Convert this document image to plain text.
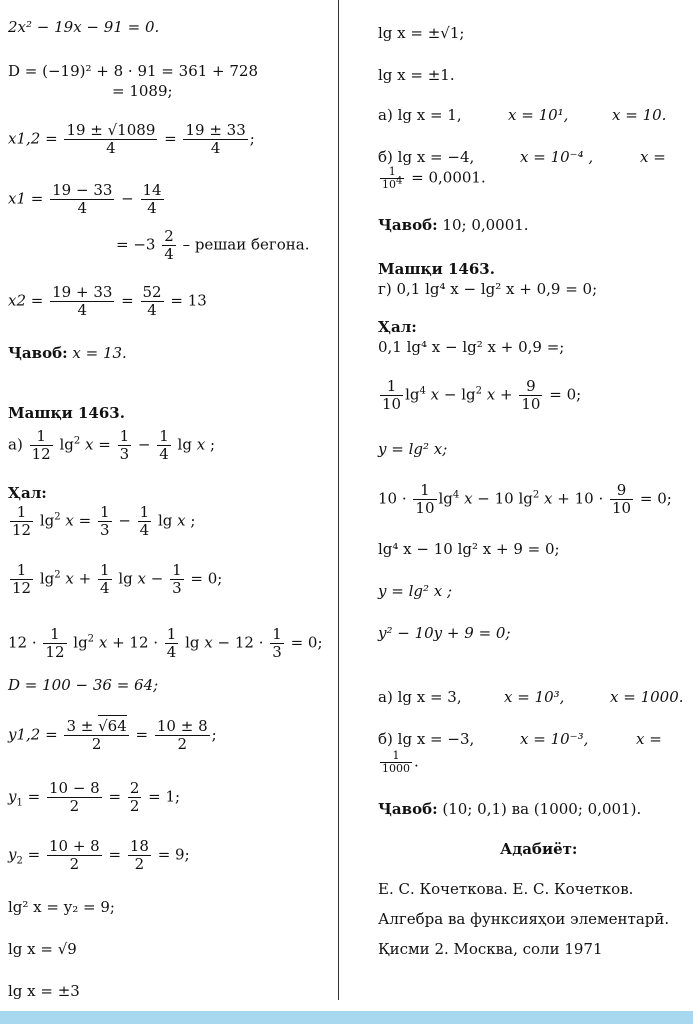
2x² − 19x − 91 = 0.
D = (−19)² + 8 · 91 = 361 + 728
= 1089;
$x1,2 = \frac{19 \pm √1089}{4} = \frac{19 \pm 33}{4}$ ;
$x1 = \frac{19 - 33}{4} - \frac{14}{4}$
= $-3 \frac{2}{4}$ – решаи бегона.
$x2 = \frac{19 + 33}{4} = \frac{52}{4} = 13$
Ҷавоб: x = 13.
Машқи 1463.
$а) \frac{1}{12} \lg^2 x = \frac{1}{3} - \frac{1}{4}$ lg x ;
Ҳал:
$\frac{1}{12} \lg^2 x = \frac{1}{3} - \frac{1}{4}$ lg x ;
$\frac{1}{12} \lg^2 x + \frac{1}{4}$ $\lg x - \frac{1}{3} = 0$;
$12 \cdot \frac{1}{12} \lg^2 x + 12 \cdot \frac{1}{4}$ $\lg x - 12 \cdot \frac{1}{3} = 0$;
D = 100 − 36 = 64;
$y1,2 = \frac{3 \pm √64}{2} = \frac{10 \pm 8}{2}$ ;
$y_1 = \frac{10 - 8}{2} = \frac{2}{2} = 1$;
$y_2 = \frac{10 + 8}{2} = \frac{18}{2} = 9$;
lg² x = y₂ = 9;
lg x = √9
lg x = ±3
lg x = ±√1;
lg x = ±1.
а) lg x = 1,	x = 10¹,	x = 10.
б) lg x = −4,	x = 10⁻⁴ ,	x =
$\frac{1}{10^4} = 0,0001$.
Ҷавоб: 10; 0,0001.
Машқи 1463.
г) 0,1 lg⁴ x − lg² x + 0,9 = 0;
Ҳал:
0,1 lg⁴ x − lg² x + 0,9 =;
$\frac{1}{10} \lg^4 x - \lg^2 x + \frac{9}{10} = 0$;
y = lg² x;
$10 \cdot \frac{1}{10} \lg^4 x - 10$ $\lg^2 x + 10 \cdot \frac{9}{10} = 0$;
lg⁴ x − 10 lg² x + 9 = 0;
y = lg² x ;
y² − 10y + 9 = 0;
а) lg x = 3,	x = 10³,	x = 1000.
б) lg x = −3,	x = 10⁻³,	x =
$\frac{1}{1000}$ .
Ҷавоб: (10; 0,1) ва (1000; 0,001).
Адабиёт:
Е. С. Кочеткова. Е. С. Кочетков.
Алгебра ва функсияҳои элементарӣ.
Қисми 2. Москва, соли 1971
